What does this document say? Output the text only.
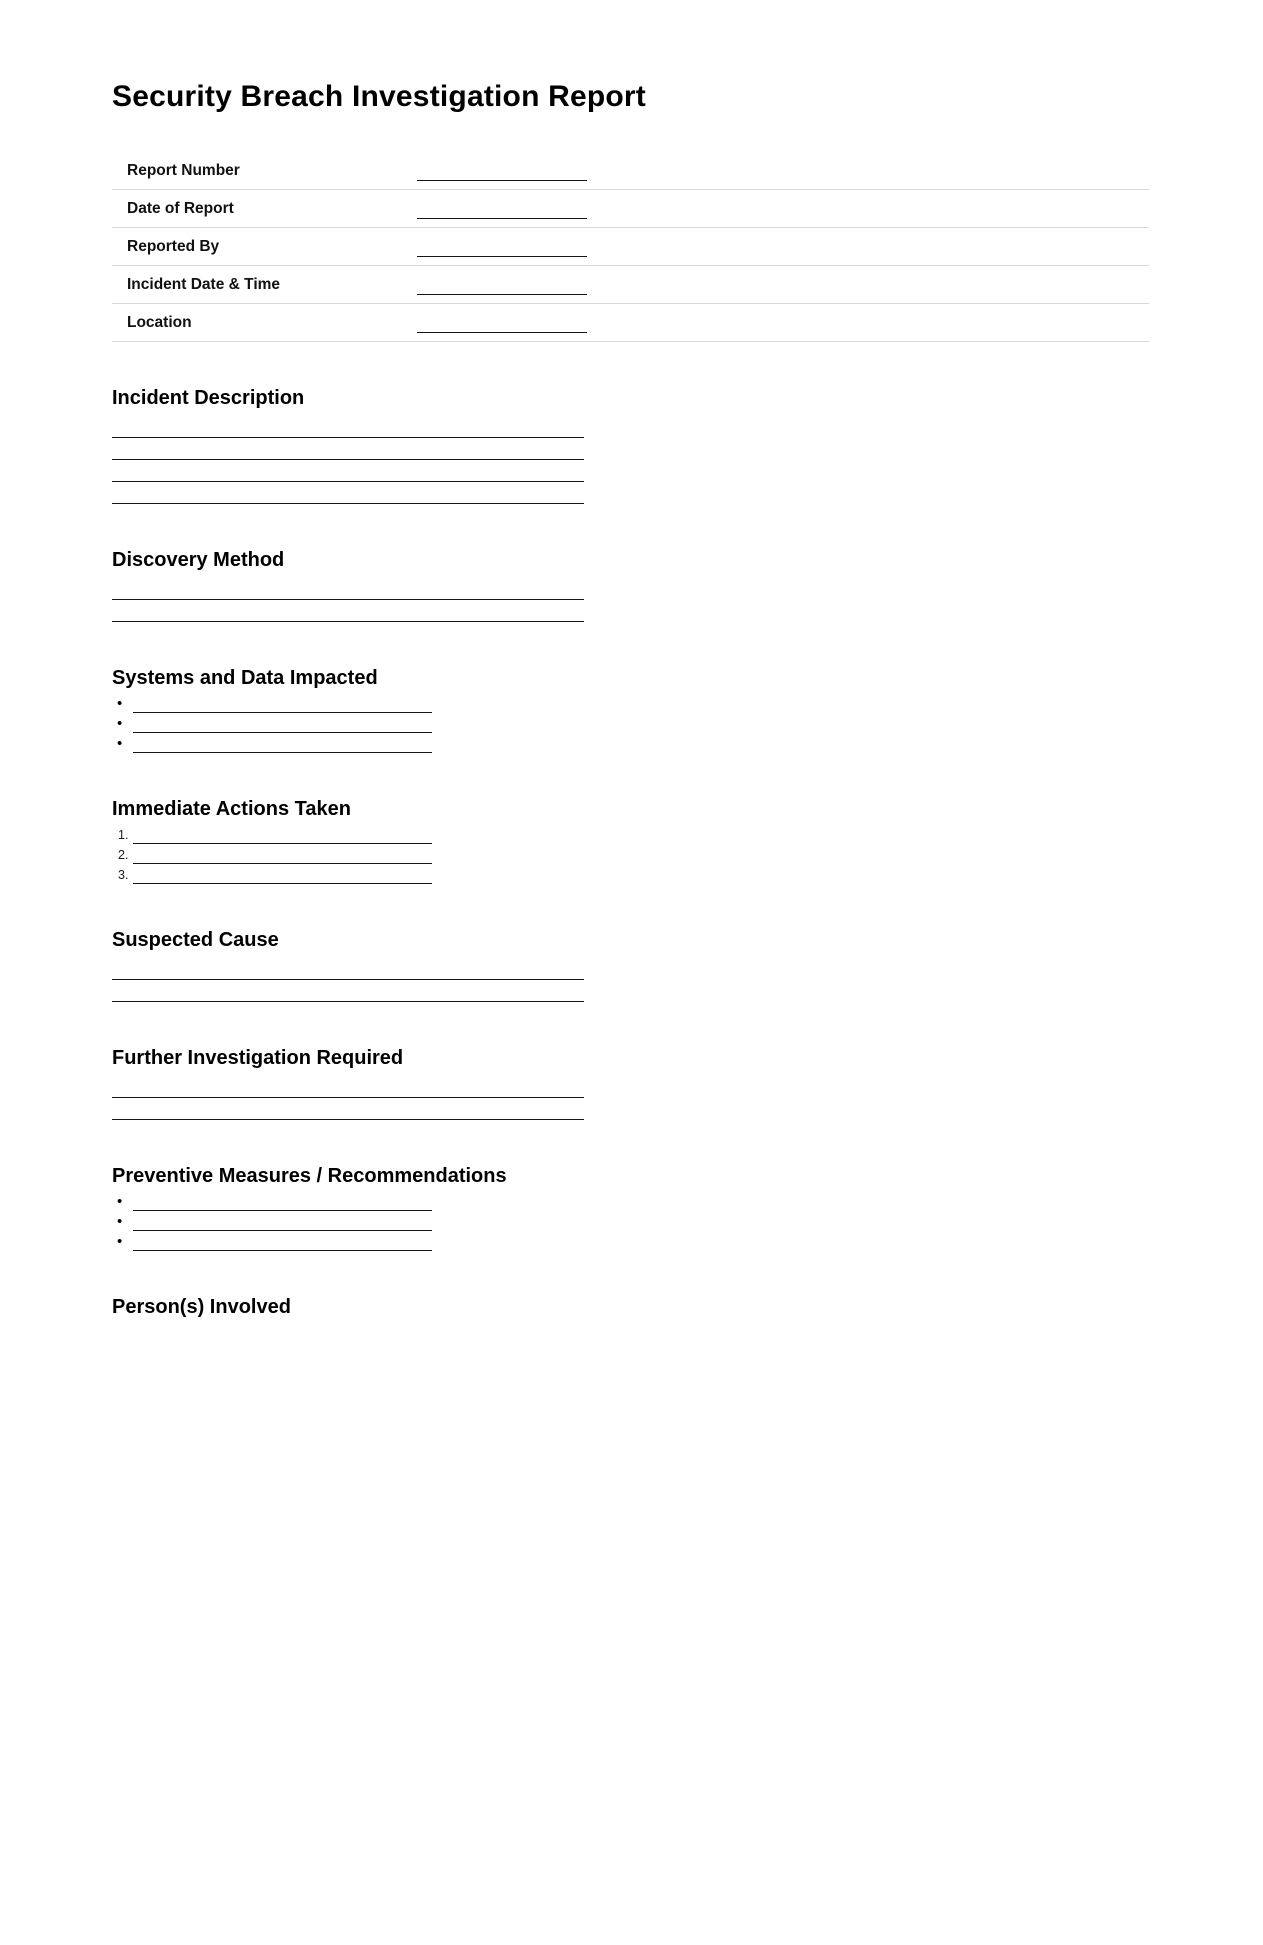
Security Breach Investigation Report
Report Number
Date of Report
Reported By
Incident Date & Time
Location
Incident Description
Discovery Method
Systems and Data Impacted
•
•
•
Immediate Actions Taken
1.
2.
3.
Suspected Cause
Further Investigation Required
Preventive Measures / Recommendations
•
•
•
Person(s) Involved
